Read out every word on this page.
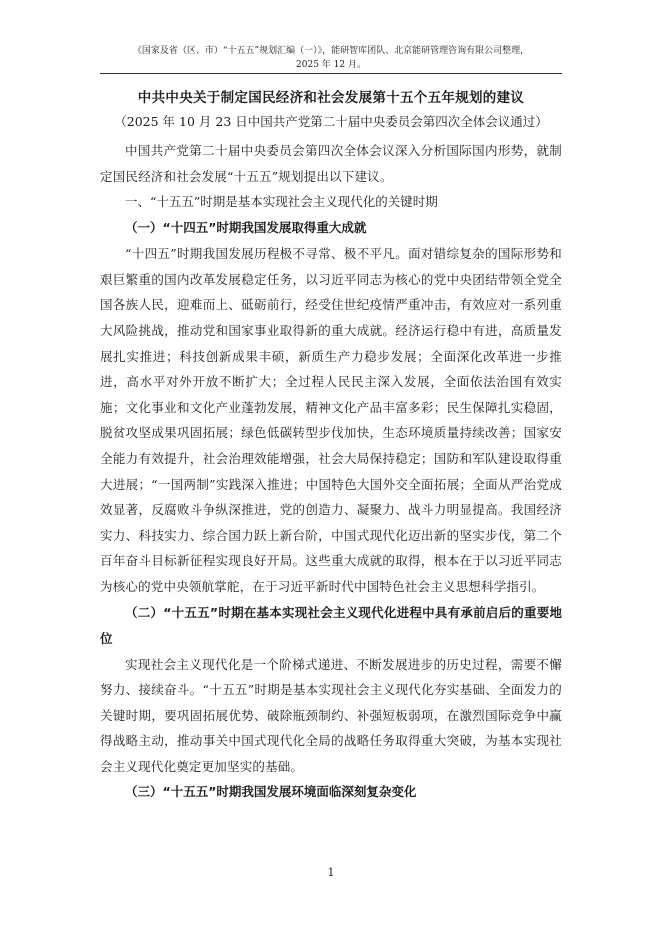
《国家及省（区、市）“十五五”规划汇编（一）》，能研智库团队、北京能研管理咨询有限公司整理，
2025 年 12 月。
中共中央关于制定国民经济和社会发展第十五个五年规划的建议
（2025 年 10 月 23 日中国共产党第二十届中央委员会第四次全体会议通过）

中国共产党第二十届中央委员会第四次全体会议深入分析国际国内形势，就制定国民经济和社会发展“十五五”规划提出以下建议。

一、“十五五”时期是基本实现社会主义现代化的关键时期
（一）“十四五”时期我国发展取得重大成就

“十四五”时期我国发展历程极不寻常、极不平凡。面对错综复杂的国际形势和艰巨繁重的国内改革发展稳定任务，以习近平同志为核心的党中央团结带领全党全国各族人民，迎难而上、砥砺前行，经受住世纪疫情严重冲击，有效应对一系列重大风险挑战，推动党和国家事业取得新的重大成就。经济运行稳中有进，高质量发展扎实推进；科技创新成果丰硕，新质生产力稳步发展；全面深化改革进一步推进，高水平对外开放不断扩大；全过程人民民主深入发展，全面依法治国有效实施；文化事业和文化产业蓬勃发展，精神文化产品丰富多彩；民生保障扎实稳固，脱贫攻坚成果巩固拓展；绿色低碳转型步伐加快，生态环境质量持续改善；国家安全能力有效提升，社会治理效能增强，社会大局保持稳定；国防和军队建设取得重大进展；“一国两制”实践深入推进；中国特色大国外交全面拓展；全面从严治党成效显著，反腐败斗争纵深推进，党的创造力、凝聚力、战斗力明显提高。我国经济实力、科技实力、综合国力跃上新台阶，中国式现代化迈出新的坚实步伐，第二个百年奋斗目标新征程实现良好开局。这些重大成就的取得，根本在于以习近平同志为核心的党中央领航掌舵，在于习近平新时代中国特色社会主义思想科学指引。

（二）“十五五”时期在基本实现社会主义现代化进程中具有承前启后的重要地位

实现社会主义现代化是一个阶梯式递进、不断发展进步的历史过程，需要不懈努力、接续奋斗。“十五五”时期是基本实现社会主义现代化夯实基础、全面发力的关键时期，要巩固拓展优势、破除瓶颈制约、补强短板弱项，在激烈国际竞争中赢得战略主动，推动事关中国式现代化全局的战略任务取得重大突破，为基本实现社会主义现代化奠定更加坚实的基础。

（三）“十五五”时期我国发展环境面临深刻复杂变化
1
